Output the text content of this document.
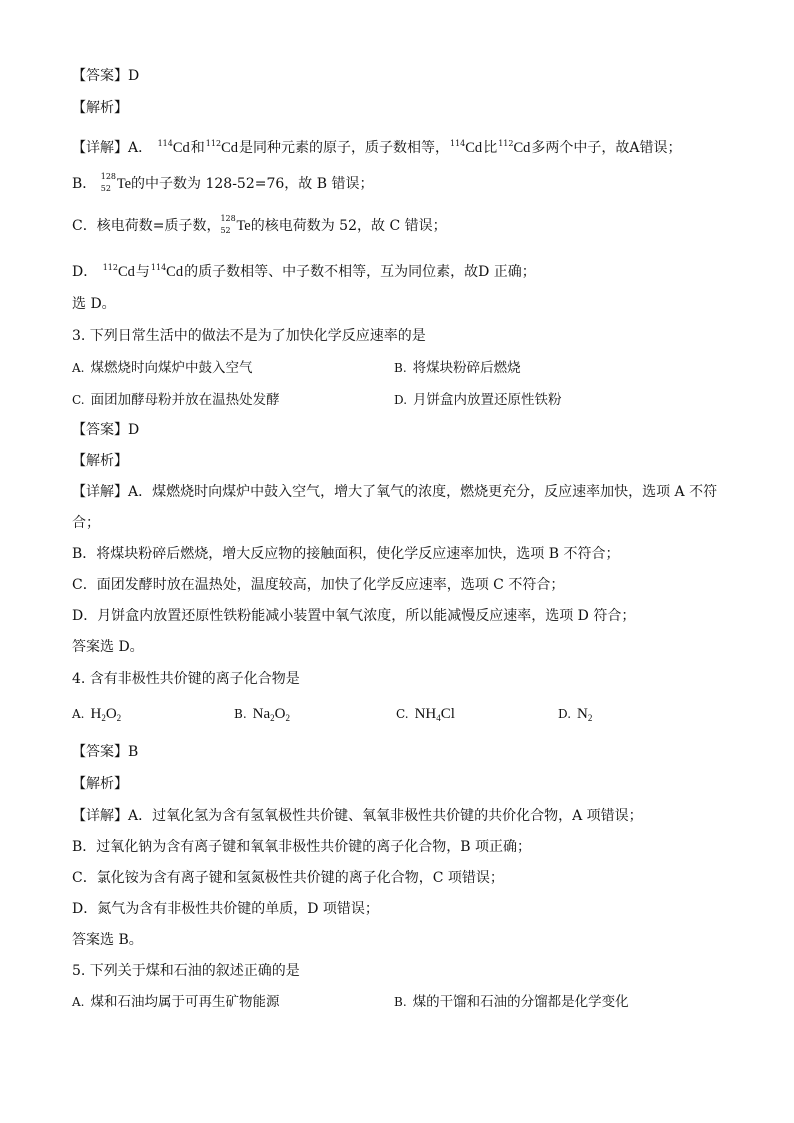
【答案】D
【解析】
【详解】A． $^{114}$Cd和$^{112}$Cd是同种元素的原子，质子数相等，$^{114}$Cd比$^{112}$Cd多两个中子，故A错误；
B． 128
52 Te的中子数为 128-52=76，故 B 错误；
C．核电荷数=质子数， 128
52 Te的核电荷数为 52，故 C 错误；
D． $^{112}$Cd与$^{114}$Cd的质子数相等、中子数不相等，互为同位素，故D 正确；
选 D。
3. 下列日常生活中的做法不是为了加快化学反应速率的是
A. 煤燃烧时向煤炉中鼓入空气	B. 将煤块粉碎后燃烧
C. 面团加酵母粉并放在温热处发酵	D. 月饼盒内放置还原性铁粉
【答案】D
【解析】
【详解】A．煤燃烧时向煤炉中鼓入空气，增大了氧气的浓度，燃烧更充分，反应速率加快，选项 A 不符
合；
B．将煤块粉碎后燃烧，增大反应物的接触面积，使化学反应速率加快，选项 B 不符合；
C．面团发酵时放在温热处，温度较高，加快了化学反应速率，选项 C 不符合；
D．月饼盒内放置还原性铁粉能减小装置中氧气浓度，所以能减慢反应速率，选项 D 符合；
答案选 D。
4. 含有非极性共价键的离子化合物是
A. $H_2O_2$	B. $Na_2O_2$	C. $NH_4Cl$	D. $N_2$
【答案】B
【解析】
【详解】A．过氧化氢为含有氢氧极性共价键、氧氧非极性共价键的共价化合物，A 项错误；
B．过氧化钠为含有离子键和氧氧非极性共价键的离子化合物，B 项正确；
C．氯化铵为含有离子键和氢氮极性共价键的离子化合物，C 项错误；
D．氮气为含有非极性共价键的单质，D 项错误；
答案选 B。
5. 下列关于煤和石油的叙述正确的是
A. 煤和石油均属于可再生矿物能源	B. 煤的干馏和石油的分馏都是化学变化
